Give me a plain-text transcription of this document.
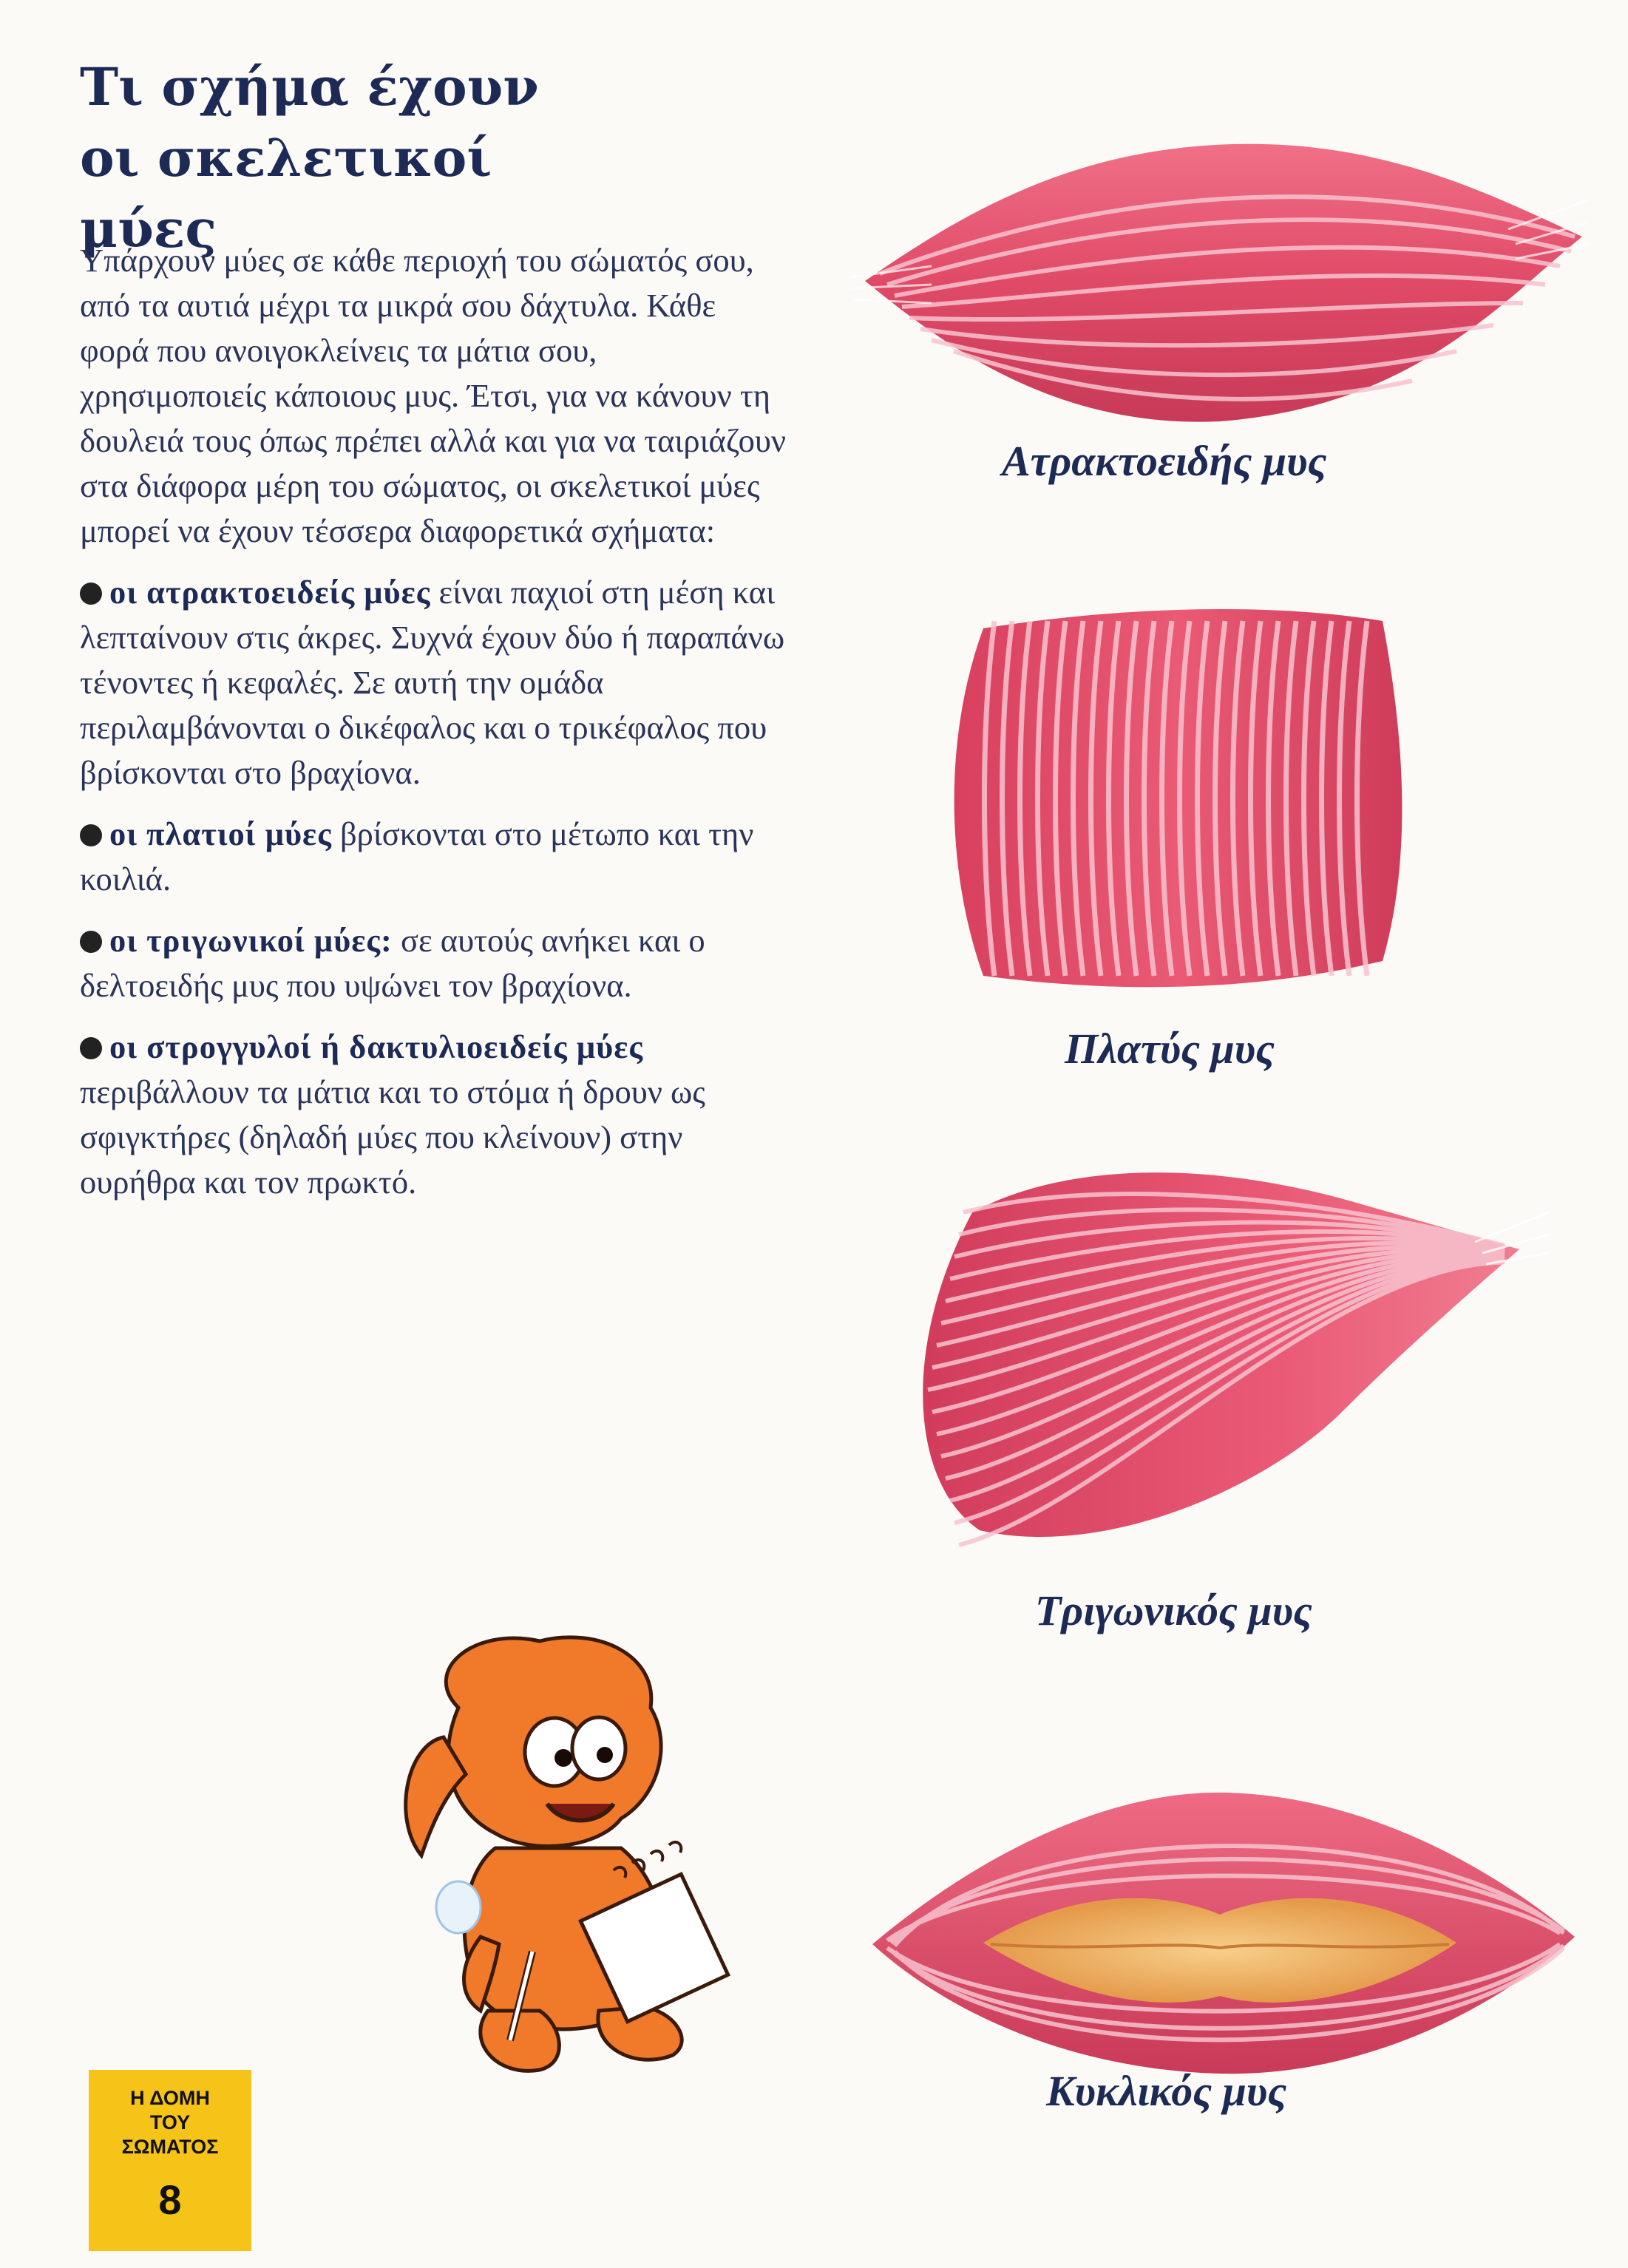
Τι σχήμα έχουν
οι σκελετικοί μύες

Υπάρχουν μύες σε κάθε περιοχή του σώματός σου, από τα αυτιά μέχρι τα μικρά σου δάχτυλα. Κάθε φορά που ανοιγοκλείνεις τα μάτια σου, χρησιμοποιείς κάποιους μυς. Έτσι, για να κάνουν τη δουλειά τους όπως πρέπει αλλά και για να ταιριάζουν στα διάφορα μέρη του σώματος, οι σκελετικοί μύες μπορεί να έχουν τέσσερα διαφορετικά σχήματα:

οι ατρακτοειδείς μύες είναι παχιοί στη μέση και λεπταίνουν στις άκρες. Συχνά έχουν δύο ή παραπάνω τένοντες ή κεφαλές. Σε αυτή την ομάδα περιλαμβάνονται ο δικέφαλος και ο τρικέφαλος που βρίσκονται στο βραχίονα.

οι πλατιοί μύες βρίσκονται στο μέτωπο και την κοιλιά.

οι τριγωνικοί μύες: σε αυτούς ανήκει και ο δελτοειδής μυς που υψώνει τον βραχίονα.

οι στρογγυλοί ή δακτυλιοειδείς μύες περιβάλλουν τα μάτια και το στόμα ή δρουν ως σφιγκτήρες (δηλαδή μύες που κλείνουν) στην ουρήθρα και τον πρωκτό.

Ατρακτοειδής μυς
Πλατύς μυς
Τριγωνικός μυς
Κυκλικός μυς
Η ΔΟΜΗ
ΤΟΥ
ΣΩΜΑΤΟΣ
8
